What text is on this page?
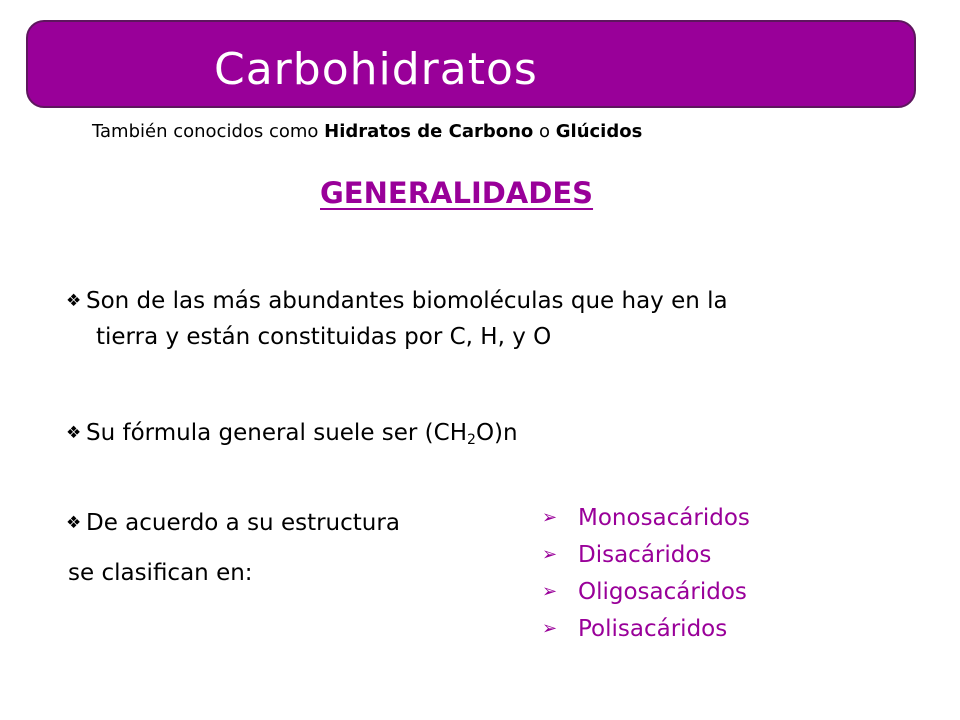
Carbohidratos
También conocidos como Hidratos de Carbono o Glúcidos
GENERALIDADES
❖ Son de las más abundantes biomoléculas que hay en la
tierra y están constituidas por C, H, y O
❖ Su fórmula general suele ser $(CH_2O)n$
❖ De acuerdo a su estructura
se clasifican en:
➢ Monosacáridos
➢ Disacáridos
➢ Oligosacáridos
➢ Polisacáridos
